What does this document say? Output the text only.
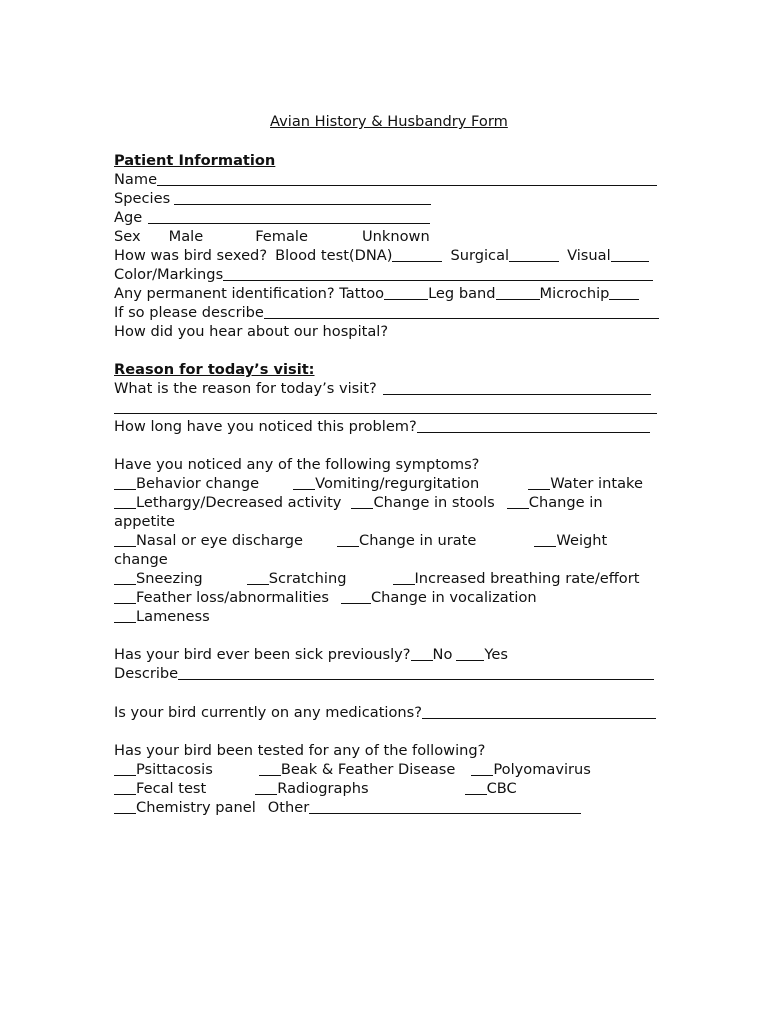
Avian History & Husbandry Form
Patient Information
Name
Species
Age
Sex Male	Female	Unknown
How was bird sexed? Blood test(DNA)	Surgical	Visual
Color/Markings
Any permanent identification? Tattoo	Leg band	Microchip
If so please describe
How did you hear about our hospital?
Reason for today’s visit:
What is the reason for today’s visit?
How long have you noticed this problem?
Have you noticed any of the following symptoms?
Behavior change	Vomiting/regurgitation	Water intake
Lethargy/Decreased activity Change in stools Change in
appetite
Nasal or eye discharge	Change in urate	Weight
change
Sneezing	Scratching	Increased breathing rate/effort
Feather loss/abnormalities	Change in vocalization
Lameness
Has your bird ever been sick previously? No Yes
Describe
Is your bird currently on any medications?
Has your bird been tested for any of the following?
Psittacosis	Beak & Feather Disease	Polyomavirus
Fecal test	Radiographs	CBC
Chemistry panel Other
